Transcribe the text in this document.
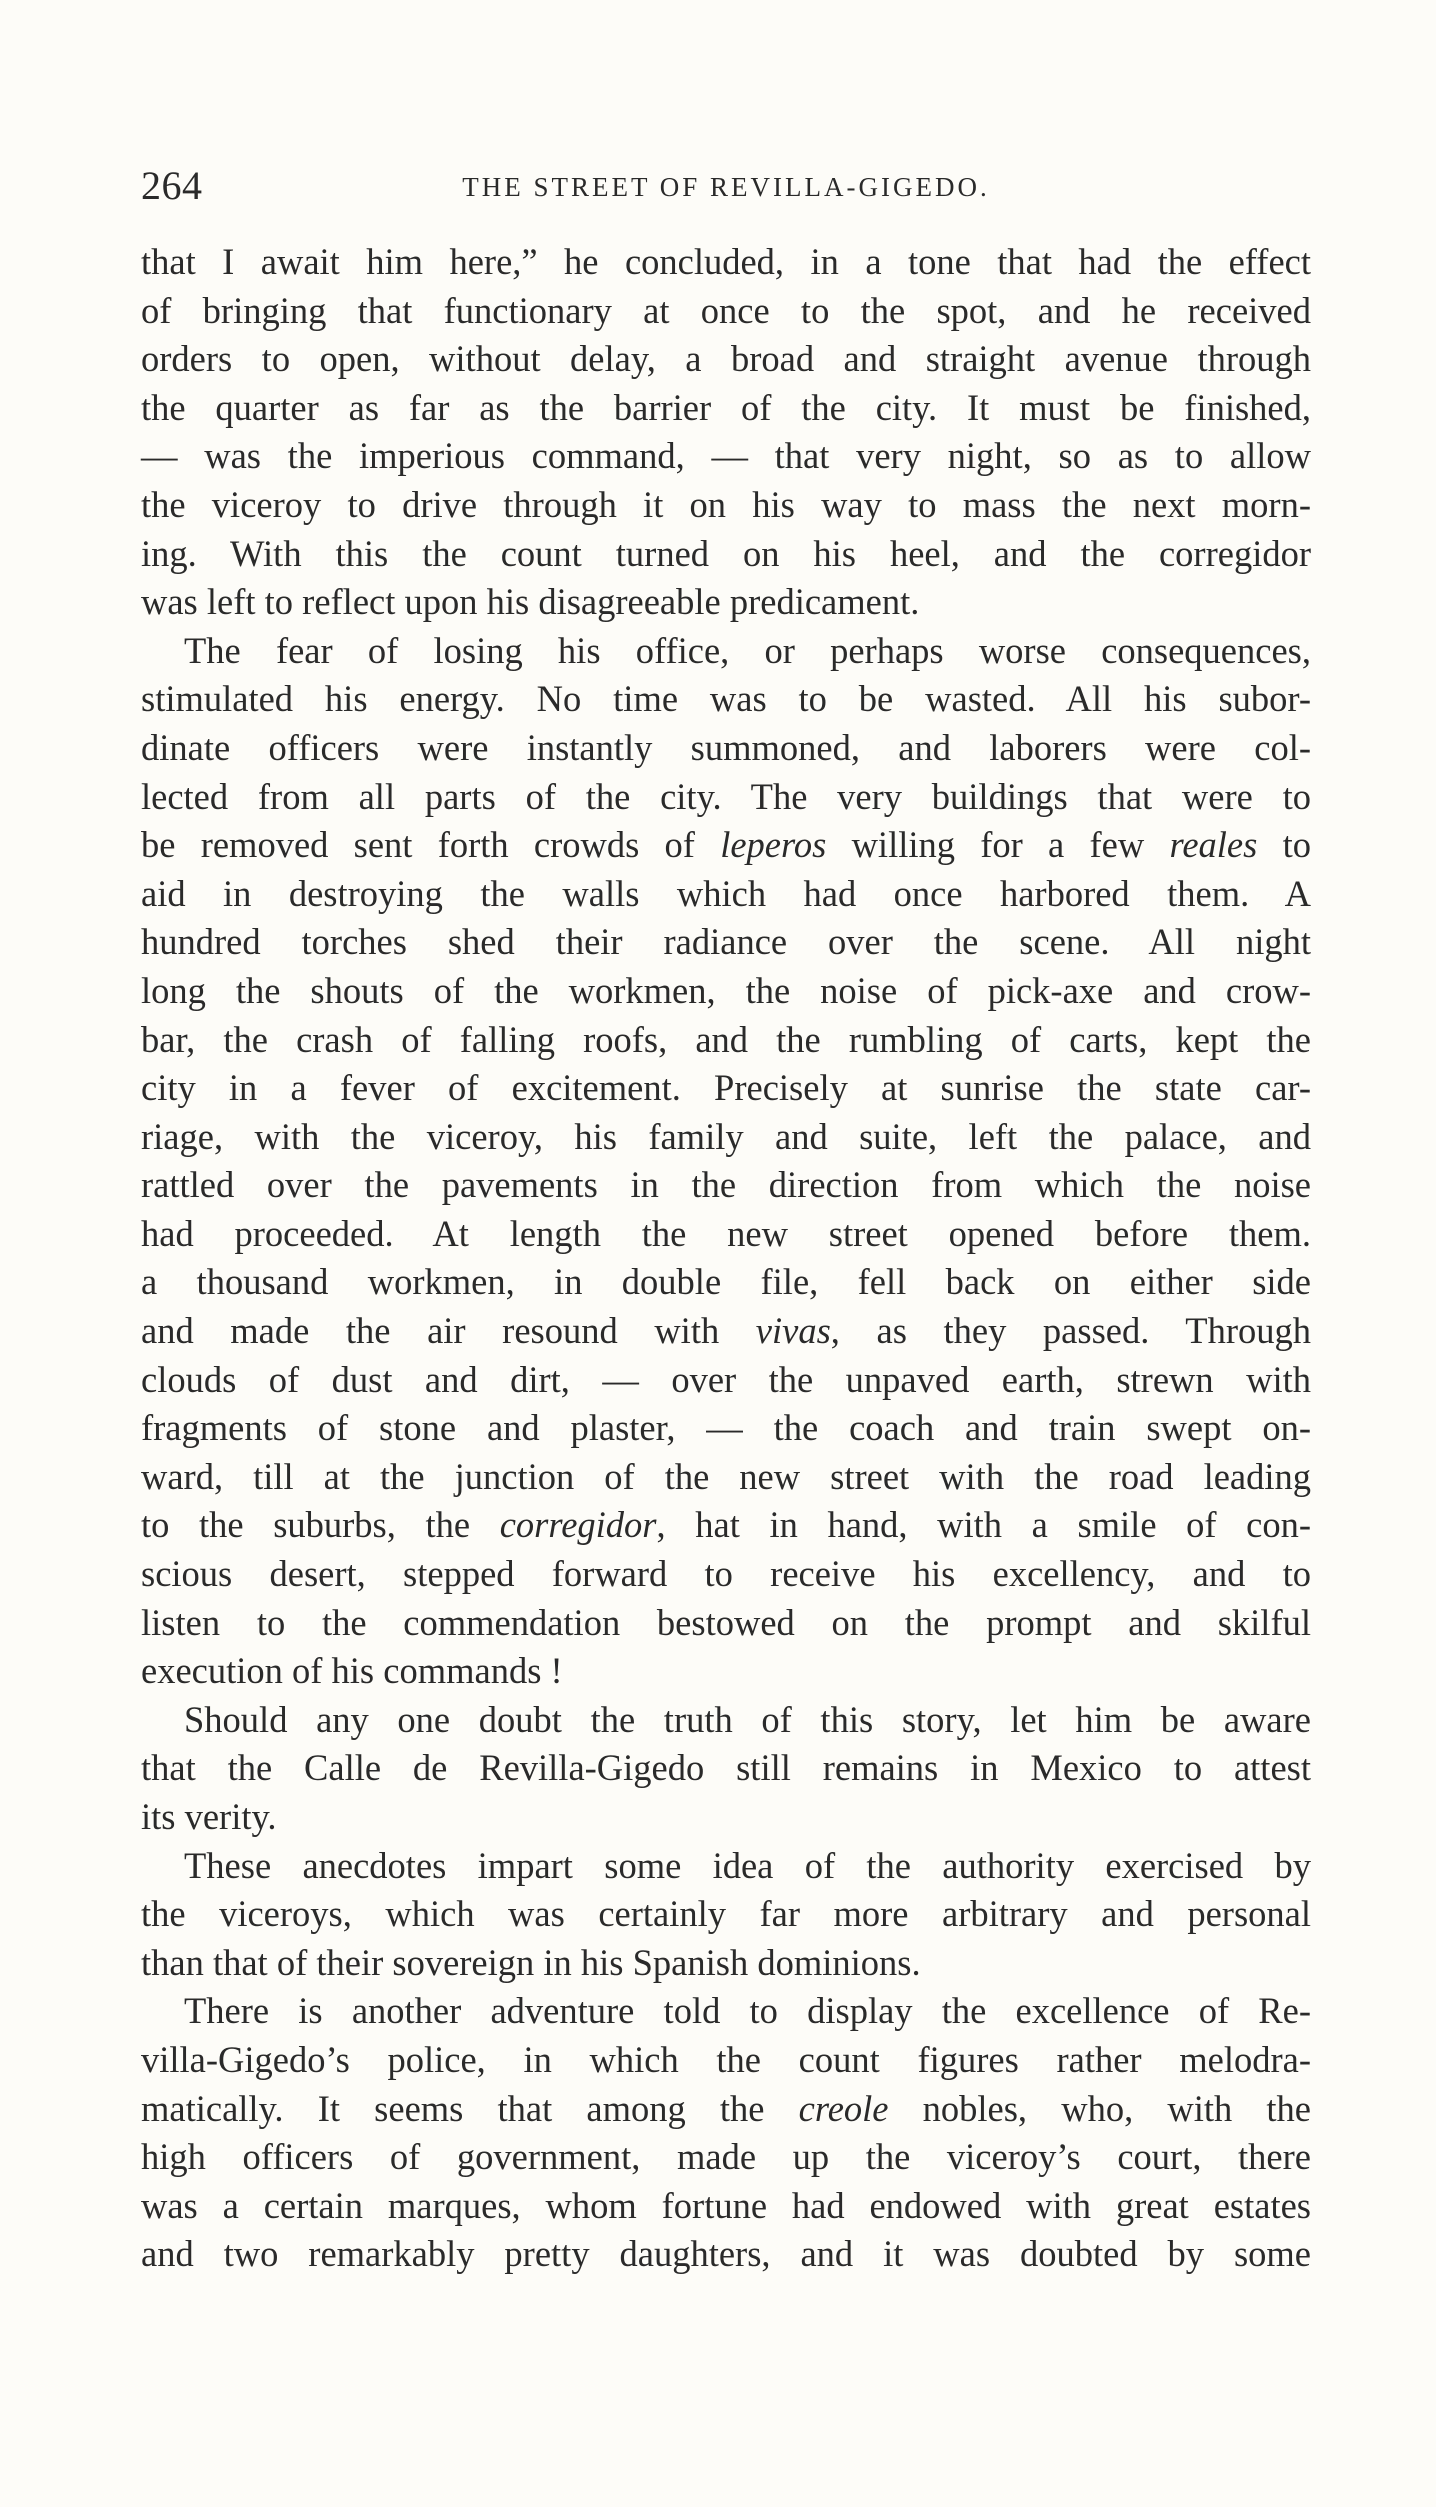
264	THE STREET OF REVILLA-GIGEDO.
that I await him here,” he concluded, in a tone that had the effect
of bringing that functionary at once to the spot, and he received
orders to open, without delay, a broad and straight avenue through
the quarter as far as the barrier of the city. It must be finished,
— was the imperious command, — that very night, so as to allow
the viceroy to drive through it on his way to mass the next morn-
ing. With this the count turned on his heel, and the corregidor
was left to reflect upon his disagreeable predicament.
The fear of losing his office, or perhaps worse consequences,
stimulated his energy. No time was to be wasted. All his subor-
dinate officers were instantly summoned, and laborers were col-
lected from all parts of the city. The very buildings that were to
be removed sent forth crowds of leperos willing for a few reales to
aid in destroying the walls which had once harbored them. A
hundred torches shed their radiance over the scene. All night
long the shouts of the workmen, the noise of pick-axe and crow-
bar, the crash of falling roofs, and the rumbling of carts, kept the
city in a fever of excitement. Precisely at sunrise the state car-
riage, with the viceroy, his family and suite, left the palace, and
rattled over the pavements in the direction from which the noise
had proceeded. At length the new street opened before them.
a thousand workmen, in double file, fell back on either side
and made the air resound with vivas, as they passed. Through
clouds of dust and dirt, — over the unpaved earth, strewn with
fragments of stone and plaster, — the coach and train swept on-
ward, till at the junction of the new street with the road leading
to the suburbs, the corregidor, hat in hand, with a smile of con-
scious desert, stepped forward to receive his excellency, and to
listen to the commendation bestowed on the prompt and skilful
execution of his commands !
Should any one doubt the truth of this story, let him be aware
that the Calle de Revilla-Gigedo still remains in Mexico to attest
its verity.
These anecdotes impart some idea of the authority exercised by
the viceroys, which was certainly far more arbitrary and personal
than that of their sovereign in his Spanish dominions.
There is another adventure told to display the excellence of Re-
villa-Gigedo’s police, in which the count figures rather melodra-
matically. It seems that among the creole nobles, who, with the
high officers of government, made up the viceroy’s court, there
was a certain marques, whom fortune had endowed with great estates
and two remarkably pretty daughters, and it was doubted by some
